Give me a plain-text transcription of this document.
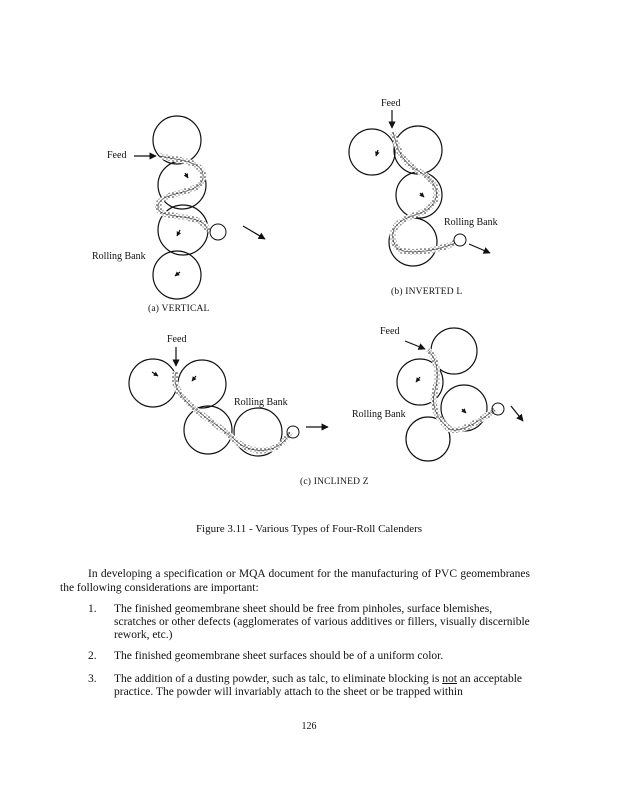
Feed
Rolling Bank
(a) VERTICAL
Feed
Rolling Bank
(b) INVERTED L
Feed
Rolling Bank
Feed
Rolling Bank
(c) INCLINED Z
Figure 3.11 - Various Types of Four-Roll Calenders
In developing a specification or MQA document for the manufacturing of PVC geomembranes the following considerations are important:
1.	The finished geomembrane sheet should be free from pinholes, surface blemishes, scratches or other defects (agglomerates of various additives or fillers, visually discernible rework, etc.)
2.	The finished geomembrane sheet surfaces should be of a uniform color.
3.	The addition of a dusting powder, such as talc, to eliminate blocking is not an acceptable practice. The powder will invariably attach to the sheet or be trapped within
126
